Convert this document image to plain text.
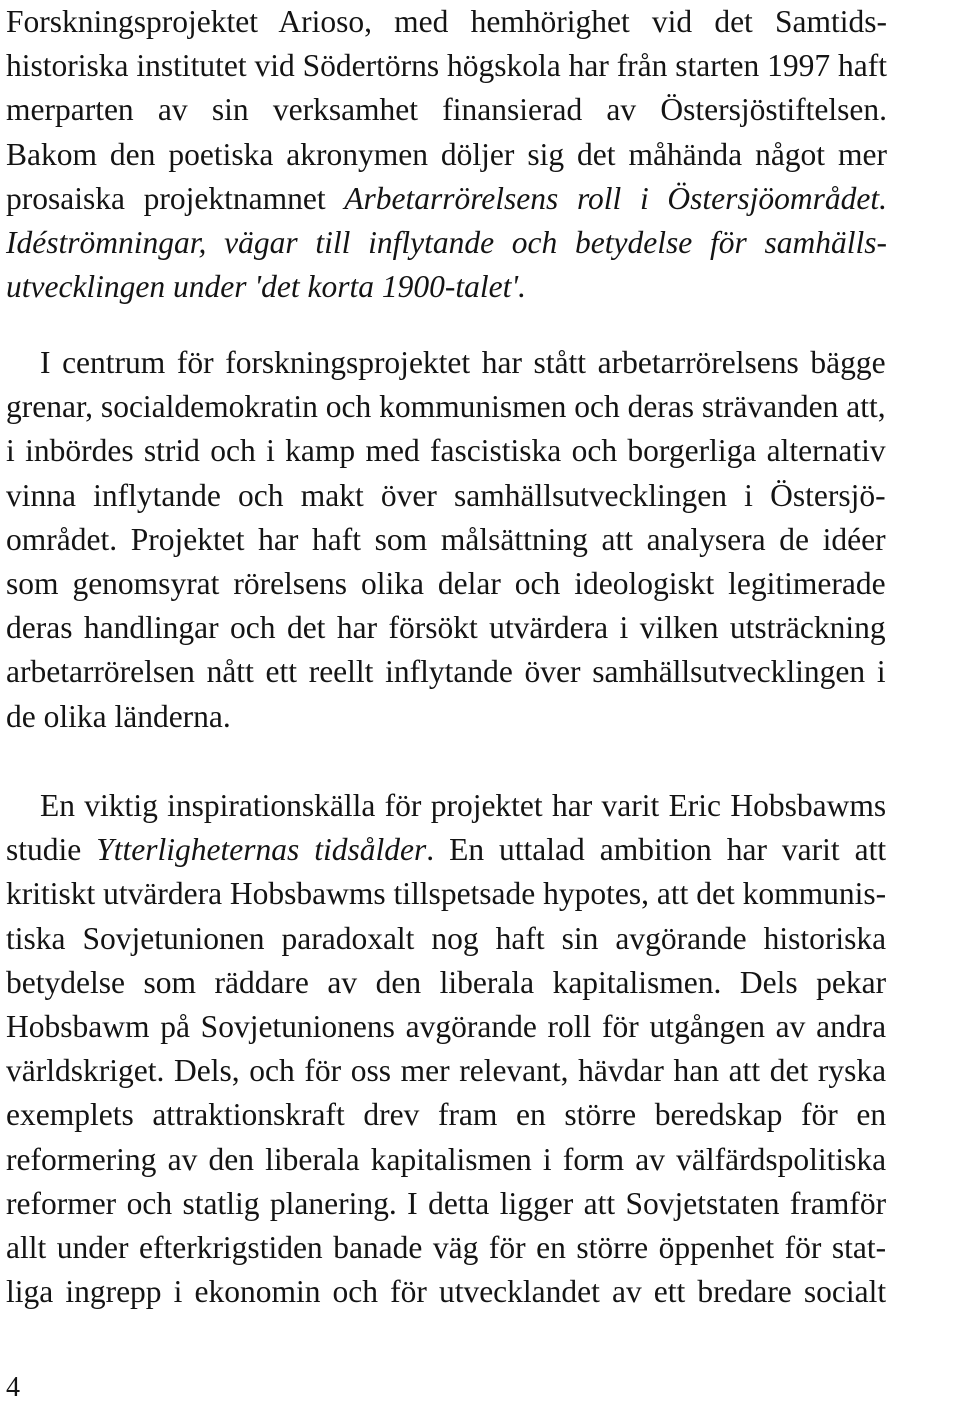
Forskningsprojektet Arioso, med hemhörighet vid det Samtids-
historiska institutet vid Södertörns högskola har från starten 1997 haft
merparten av sin verksamhet finansierad av Östersjöstiftelsen.
Bakom den poetiska akronymen döljer sig det måhända något mer
prosaiska projektnamnet Arbetarrörelsens roll i Östersjöområdet.
Idéströmningar, vägar till inflytande och betydelse för samhälls-
utvecklingen under 'det korta 1900-talet'.

I centrum för forskningsprojektet har stått arbetarrörelsens bägge
grenar, socialdemokratin och kommunismen och deras strävanden att,
i inbördes strid och i kamp med fascistiska och borgerliga alternativ
vinna inflytande och makt över samhällsutvecklingen i Östersjö-
området. Projektet har haft som målsättning att analysera de idéer
som genomsyrat rörelsens olika delar och ideologiskt legitimerade
deras handlingar och det har försökt utvärdera i vilken utsträckning
arbetarrörelsen nått ett reellt inflytande över samhällsutvecklingen i
de olika länderna.

En viktig inspirationskälla för projektet har varit Eric Hobsbawms
studie Ytterligheternas tidsålder. En uttalad ambition har varit att
kritiskt utvärdera Hobsbawms tillspetsade hypotes, att det kommunis-
tiska Sovjetunionen paradoxalt nog haft sin avgörande historiska
betydelse som räddare av den liberala kapitalismen. Dels pekar
Hobsbawm på Sovjetunionens avgörande roll för utgången av andra
världskriget. Dels, och för oss mer relevant, hävdar han att det ryska
exemplets attraktionskraft drev fram en större beredskap för en
reformering av den liberala kapitalismen i form av välfärdspolitiska
reformer och statlig planering. I detta ligger att Sovjetstaten framför
allt under efterkrigstiden banade väg för en större öppenhet för stat-
liga ingrepp i ekonomin och för utvecklandet av ett bredare socialt

4
